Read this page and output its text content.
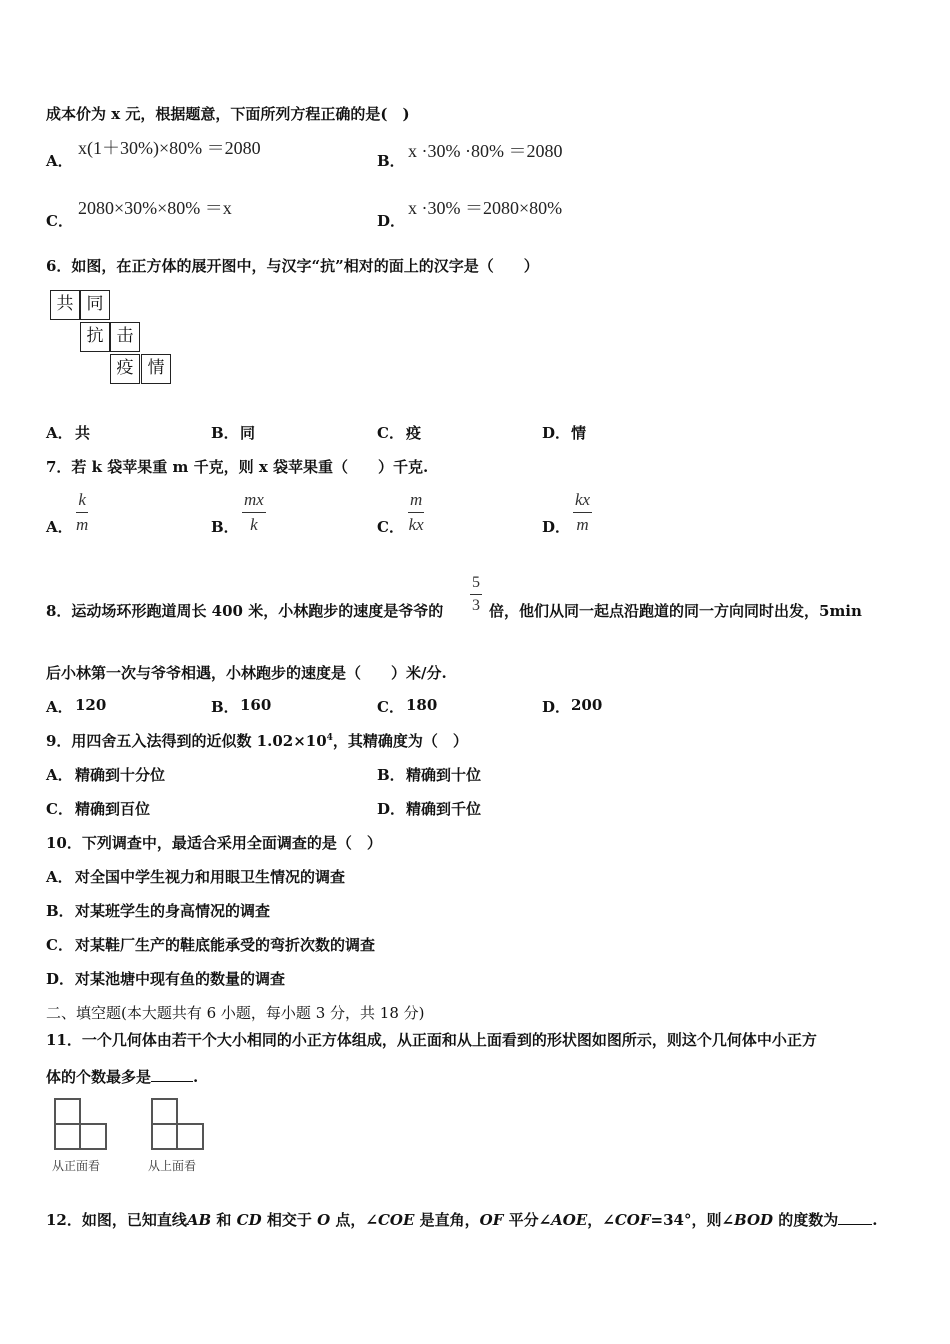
成本价为 x 元，根据题意，下面所列方程正确的是(　)
A．
x(1＋30%)×80% ＝2080
B． x ·30% ·80% ＝2080
C．
2080×30%×80% ＝x
D．
x ·30% ＝2080×80%
6．如图，在正方体的展开图中，与汉字“抗”相对的面上的汉字是（　　）
共 同
抗 击
疫 情
A． 共	B． 同	C． 疫	D． 情
7．若 k 袋苹果重 m 千克，则 x 袋苹果重（　　）千克.
A． $\frac{k}{m}$	B． $\frac{mx}{k}$	C． $\frac{m}{kx}$	D． $\frac{kx}{m}$
8．运动场环形跑道周长 400 米，小林跑步的速度是爷爷的 $\frac{5}{3}$ 倍，他们从同一起点沿跑道的同一方向同时出发，5min
后小林第一次与爷爷相遇，小林跑步的速度是（　　）米/分.
A． 120	B． 160	C． 180	D． 200
9．用四舍五入法得到的近似数 $1.02\times 10^4$，其精确度为（　）
A． 精确到十分位	B． 精确到十位
C． 精确到百位	D． 精确到千位
10．下列调查中，最适合采用全面调查的是（　）
A． 对全国中学生视力和用眼卫生情况的调查
B． 对某班学生的身高情况的调查
C． 对某鞋厂生产的鞋底能承受的弯折次数的调查
D． 对某池塘中现有鱼的数量的调查
二、填空题(本大题共有 6 小题，每小题 3 分，共 18 分)
11．一个几何体由若干个大小相同的小正方体组成，从正面和从上面看到的形状图如图所示，则这个几何体中小正方
体的个数最多是	.
从正面看	从上面看
12．如图，已知直线AB 和 CD 相交于 O 点，∠COE 是直角，OF 平分∠AOE，∠COF=34°，则∠BOD 的度数为 .
